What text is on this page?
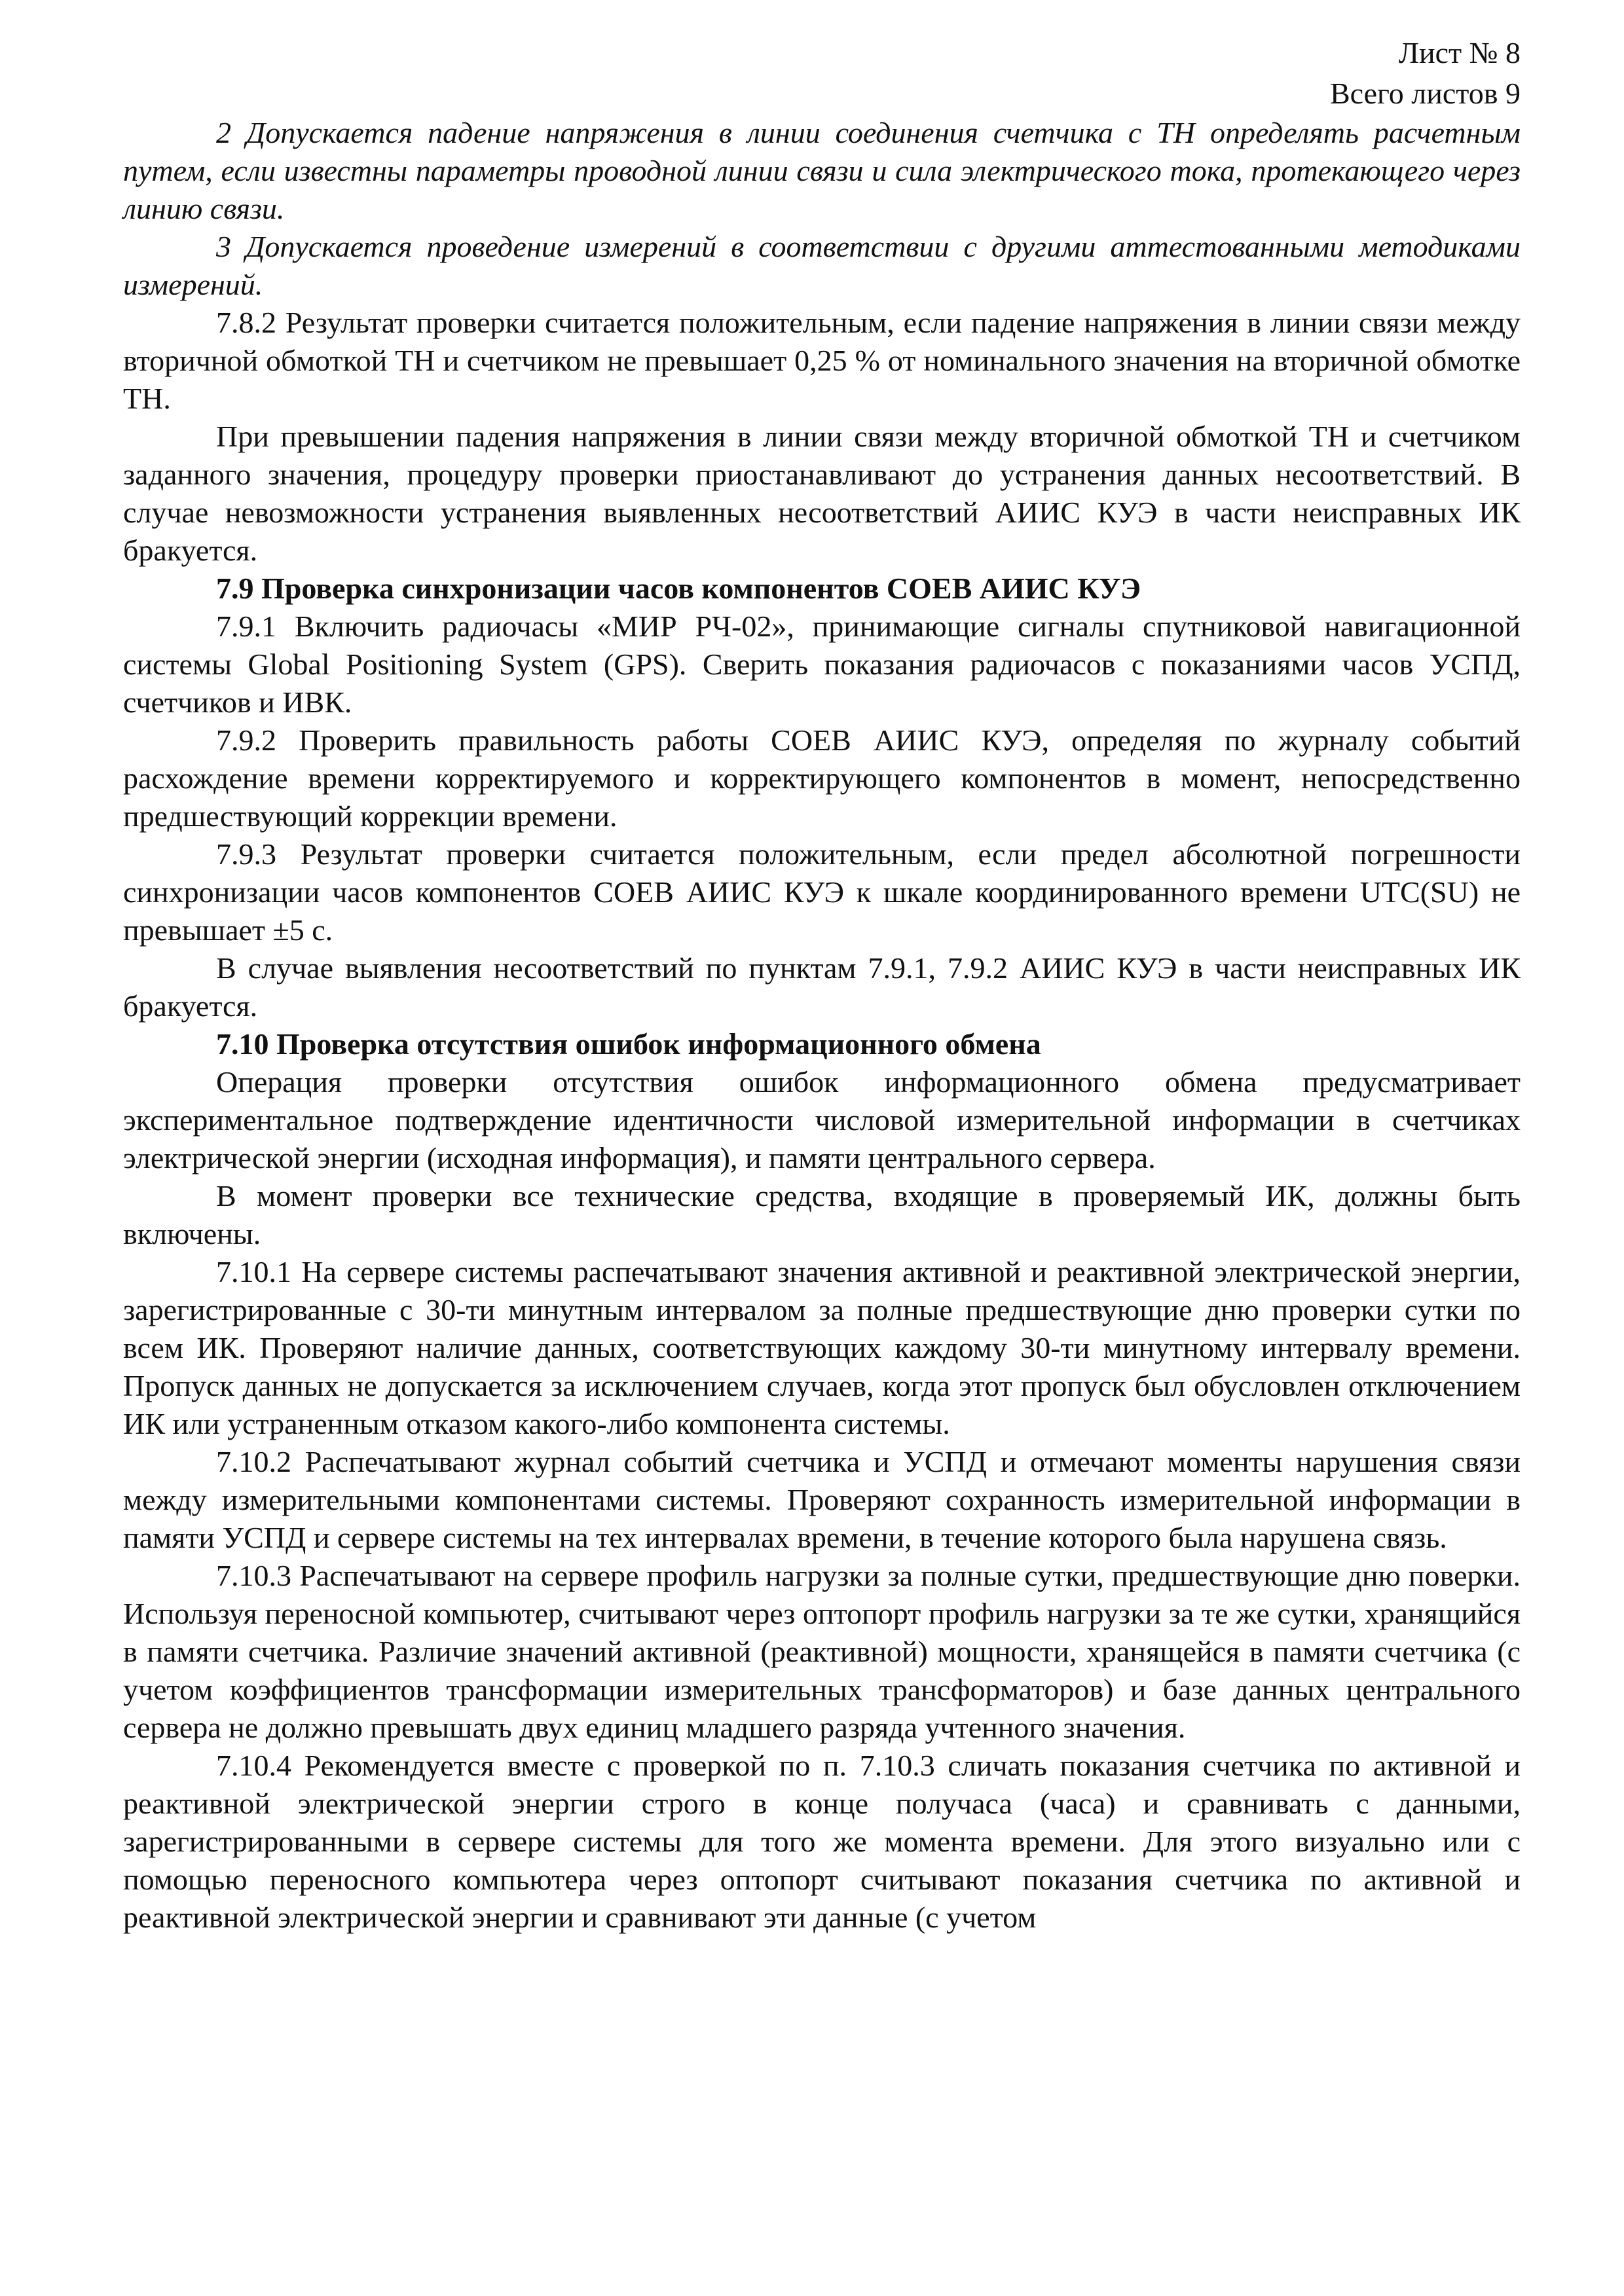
Лист № 8

Всего листов 9

2 Допускается падение напряжения в линии соединения счетчика с ТН определять расчетным путем, если известны параметры проводной линии связи и сила электрического тока, протекающего через линию связи.

3 Допускается проведение измерений в соответствии с другими аттестованными методиками измерений.

7.8.2 Результат проверки считается положительным, если падение напряжения в линии связи между вторичной обмоткой ТН и счетчиком не превышает 0,25 % от номинального значения на вторичной обмотке ТН.

При превышении падения напряжения в линии связи между вторичной обмоткой ТН и счетчиком заданного значения, процедуру проверки приостанавливают до устранения данных несоответствий. В случае невозможности устранения выявленных несоответствий АИИС КУЭ в части неисправных ИК бракуется.

7.9 Проверка синхронизации часов компонентов СОЕВ АИИС КУЭ

7.9.1 Включить радиочасы «МИР РЧ-02», принимающие сигналы спутниковой навигационной системы Global Positioning System (GPS). Сверить показания радиочасов с показаниями часов УСПД, счетчиков и ИВК.

7.9.2 Проверить правильность работы СОЕВ АИИС КУЭ, определяя по журналу событий расхождение времени корректируемого и корректирующего компонентов в момент, непосредственно предшествующий коррекции времени.

7.9.3 Результат проверки считается положительным, если предел абсолютной погрешности синхронизации часов компонентов СОЕВ АИИС КУЭ к шкале координированного времени UTC(SU) не превышает ±5 с.

В случае выявления несоответствий по пунктам 7.9.1, 7.9.2 АИИС КУЭ в части неисправных ИК бракуется.

7.10 Проверка отсутствия ошибок информационного обмена

Операция проверки отсутствия ошибок информационного обмена предусматривает экспериментальное подтверждение идентичности числовой измерительной информации в счетчиках электрической энергии (исходная информация), и памяти центрального сервера.

В момент проверки все технические средства, входящие в проверяемый ИК, должны быть включены.

7.10.1 На сервере системы распечатывают значения активной и реактивной электрической энергии, зарегистрированные с 30-ти минутным интервалом за полные предшествующие дню проверки сутки по всем ИК. Проверяют наличие данных, соответствующих каждому 30-ти минутному интервалу времени. Пропуск данных не допускается за исключением случаев, когда этот пропуск был обусловлен отключением ИК или устраненным отказом какого-либо компонента системы.

7.10.2 Распечатывают журнал событий счетчика и УСПД и отмечают моменты нарушения связи между измерительными компонентами системы. Проверяют сохранность измерительной информации в памяти УСПД и сервере системы на тех интервалах времени, в течение которого была нарушена связь.

7.10.3 Распечатывают на сервере профиль нагрузки за полные сутки, предшествующие дню поверки. Используя переносной компьютер, считывают через оптопорт профиль нагрузки за те же сутки, хранящийся в памяти счетчика. Различие значений активной (реактивной) мощности, хранящейся в памяти счетчика (с учетом коэффициентов трансформации измерительных трансформаторов) и базе данных центрального сервера не должно превышать двух единиц младшего разряда учтенного значения.

7.10.4 Рекомендуется вместе с проверкой по п. 7.10.3 сличать показания счетчика по активной и реактивной электрической энергии строго в конце получаса (часа) и сравнивать с данными, зарегистрированными в сервере системы для того же момента времени. Для этого визуально или с помощью переносного компьютера через оптопорт считывают показания счетчика по активной и реактивной электрической энергии и сравнивают эти данные (с учетом
